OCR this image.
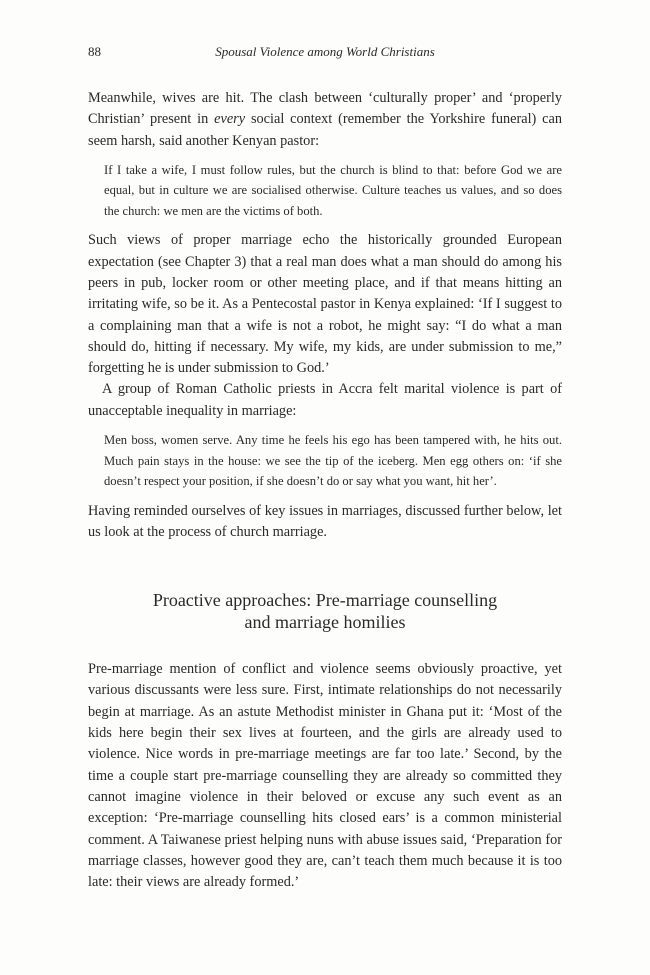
88	Spousal Violence among World Christians

Meanwhile, wives are hit. The clash between ‘culturally proper’ and ‘properly Christian’ present in every social context (remember the Yorkshire funeral) can seem harsh, said another Kenyan pastor:

If I take a wife, I must follow rules, but the church is blind to that: before God we are equal, but in culture we are socialised otherwise. Culture teaches us values, and so does the church: we men are the victims of both.

Such views of proper marriage echo the historically grounded European expectation (see Chapter 3) that a real man does what a man should do among his peers in pub, locker room or other meeting place, and if that means hitting an irritating wife, so be it. As a Pentecostal pastor in Kenya explained: ‘If I suggest to a complaining man that a wife is not a robot, he might say: “I do what a man should do, hitting if necessary. My wife, my kids, are under submission to me,” forgetting he is under submission to God.’

A group of Roman Catholic priests in Accra felt marital violence is part of unacceptable inequality in marriage:

Men boss, women serve. Any time he feels his ego has been tampered with, he hits out. Much pain stays in the house: we see the tip of the iceberg. Men egg others on: ‘if she doesn’t respect your position, if she doesn’t do or say what you want, hit her’.

Having reminded ourselves of key issues in marriages, discussed further below, let us look at the process of church marriage.

Proactive approaches: Pre-marriage counselling
and marriage homilies

Pre-marriage mention of conflict and violence seems obviously proactive, yet various discussants were less sure. First, intimate relationships do not necessarily begin at marriage. As an astute Methodist minister in Ghana put it: ‘Most of the kids here begin their sex lives at fourteen, and the girls are already used to violence. Nice words in pre-marriage meetings are far too late.’ Second, by the time a couple start pre-marriage counselling they are already so committed they cannot imagine violence in their beloved or excuse any such event as an exception: ‘Pre-marriage counselling hits closed ears’ is a common ministerial comment. A Taiwanese priest helping nuns with abuse issues said, ‘Preparation for marriage classes, however good they are, can’t teach them much because it is too late: their views are already formed.’
